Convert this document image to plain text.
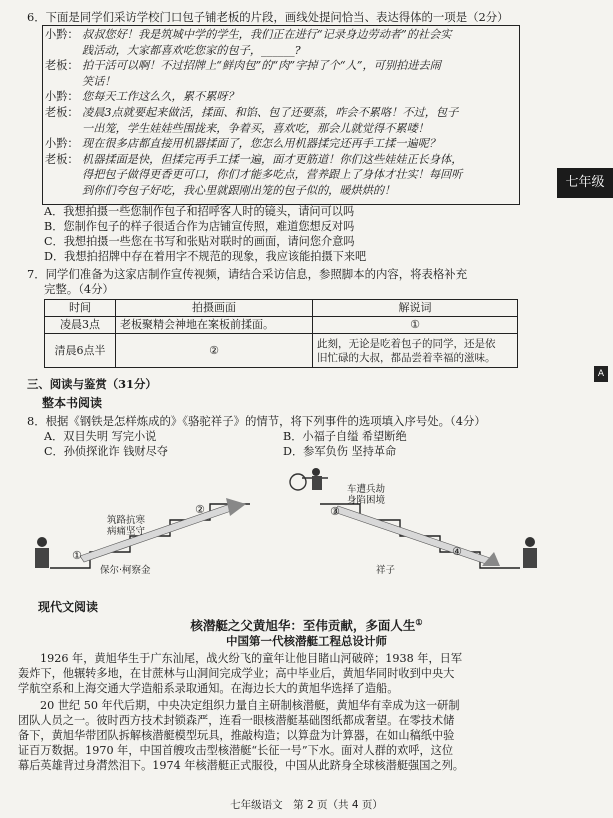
6．下面是同学们采访学校门口包子铺老板的片段，画线处提问恰当、表达得体的一项是（2分）
小黔： 叔叔您好！我是筑城中学的学生，我们正在进行“记录身边劳动者”的社会实
践活动，大家都喜欢吃您家的包子，______?
老板： 拍干活可以啊！不过招牌上“鲜肉包”的“肉”字掉了个“人”，可别拍进去闹
笑话！
小黔： 您每天工作这么久，累不累呀？
老板： 凌晨3点就要起来做活，揉面、和馅、包了还要蒸，咋会不累咯！不过，包子
一出笼，学生娃娃些围拢来，争着买，喜欢吃，那会儿就觉得不累喽！
小黔： 现在很多店都直接用机器揉面了，您怎么用机器揉完还再手工揉一遍呢？
老板： 机器揉面是快，但揉完再手工揉一遍，面才更筋道！你们这些娃娃正长身体，
得把包子做得更香更可口，你们才能多吃点，营养跟上了身体才壮实！每回听
到你们夸包子好吃，我心里就跟刚出笼的包子似的，暖烘烘的！
A．我想拍摄一些您制作包子和招呼客人时的镜头，请问可以吗
B．您制作包子的样子很适合作为店铺宣传照，难道您想反对吗
C．我想拍摄一些您在书写和张贴对联时的画面，请问您介意吗
D．我想拍招牌中存在着用字不规范的现象，我应该能拍摄下来吧
7．同学们准备为这家店制作宣传视频，请结合采访信息，参照脚本的内容，将表格补充
完整。（4分）
时间	拍摄画面	解说词
凌晨3点	老板聚精会神地在案板前揉面。	①
清晨6点半	②	此刻，无论是吃着包子的同学，还是依
旧忙碌的大叔，都品尝着幸福的滋味。
三、阅读与鉴赏（31分）
整本书阅读
8．根据《钢铁是怎样炼成的》《骆驼祥子》的情节，将下列事件的选项填入序号处。（4分）
A．双目失明 写完小说	B．小福子自缢 希望断绝
C．孙侦探讹诈 钱财尽夺	D．参军负伤 坚持革命
筑路抗寒
病痛坚守
车遭兵劫
身陷困境
①
②	③
④
保尔·柯察金	祥子
现代文阅读
核潜艇之父黄旭华：至伟贡献，多面人生①
中国第一代核潜艇工程总设计师
1926 年，黄旭华生于广东汕尾，战火纷飞的童年让他目睹山河破碎；1938 年，日军
轰炸下，他辗转多地，在甘蔗林与山洞间完成学业；高中毕业后，黄旭华同时收到中央大
学航空系和上海交通大学造船系录取通知。在海边长大的黄旭华选择了造船。
20 世纪 50 年代后期，中央决定组织力量自主研制核潜艇，黄旭华有幸成为这一研制
团队人员之一。彼时西方技术封锁森严，连看一眼核潜艇基础图纸都成奢望。在零技术储
备下，黄旭华带团队拆解核潜艇模型玩具，推敲构造；以算盘为计算器，在如山稿纸中验
证百万数据。1970 年，中国首艘攻击型核潜艇“长征一号”下水。面对人群的欢呼，这位
幕后英雄背过身潸然泪下。1974 年核潜艇正式服役，中国从此跻身全球核潜艇强国之列。
七年级语文　第 2 页（共 4 页）
七年级
A
